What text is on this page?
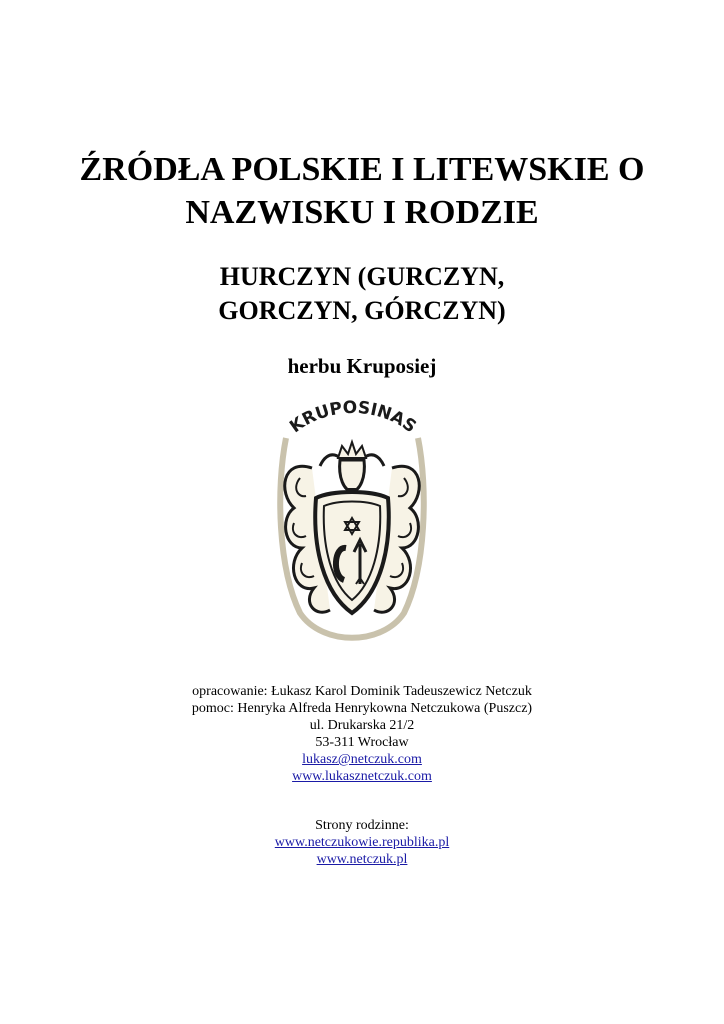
ŹRÓDŁA POLSKIE I LITEWSKIE O
NAZWISKU I RODZIE
HURCZYN (GURCZYN,
GORCZYN, GÓRCZYN)
herbu Kruposiej
KRUPOSINAS
opracowanie: Łukasz Karol Dominik Tadeuszewicz Netczuk
pomoc: Henryka Alfreda Henrykowna Netczukowa (Puszcz)
ul. Drukarska 21/2
53-311 Wrocław
lukasz@netczuk.com
www.lukasznetczuk.com
Strony rodzinne:
www.netczukowie.republika.pl
www.netczuk.pl
